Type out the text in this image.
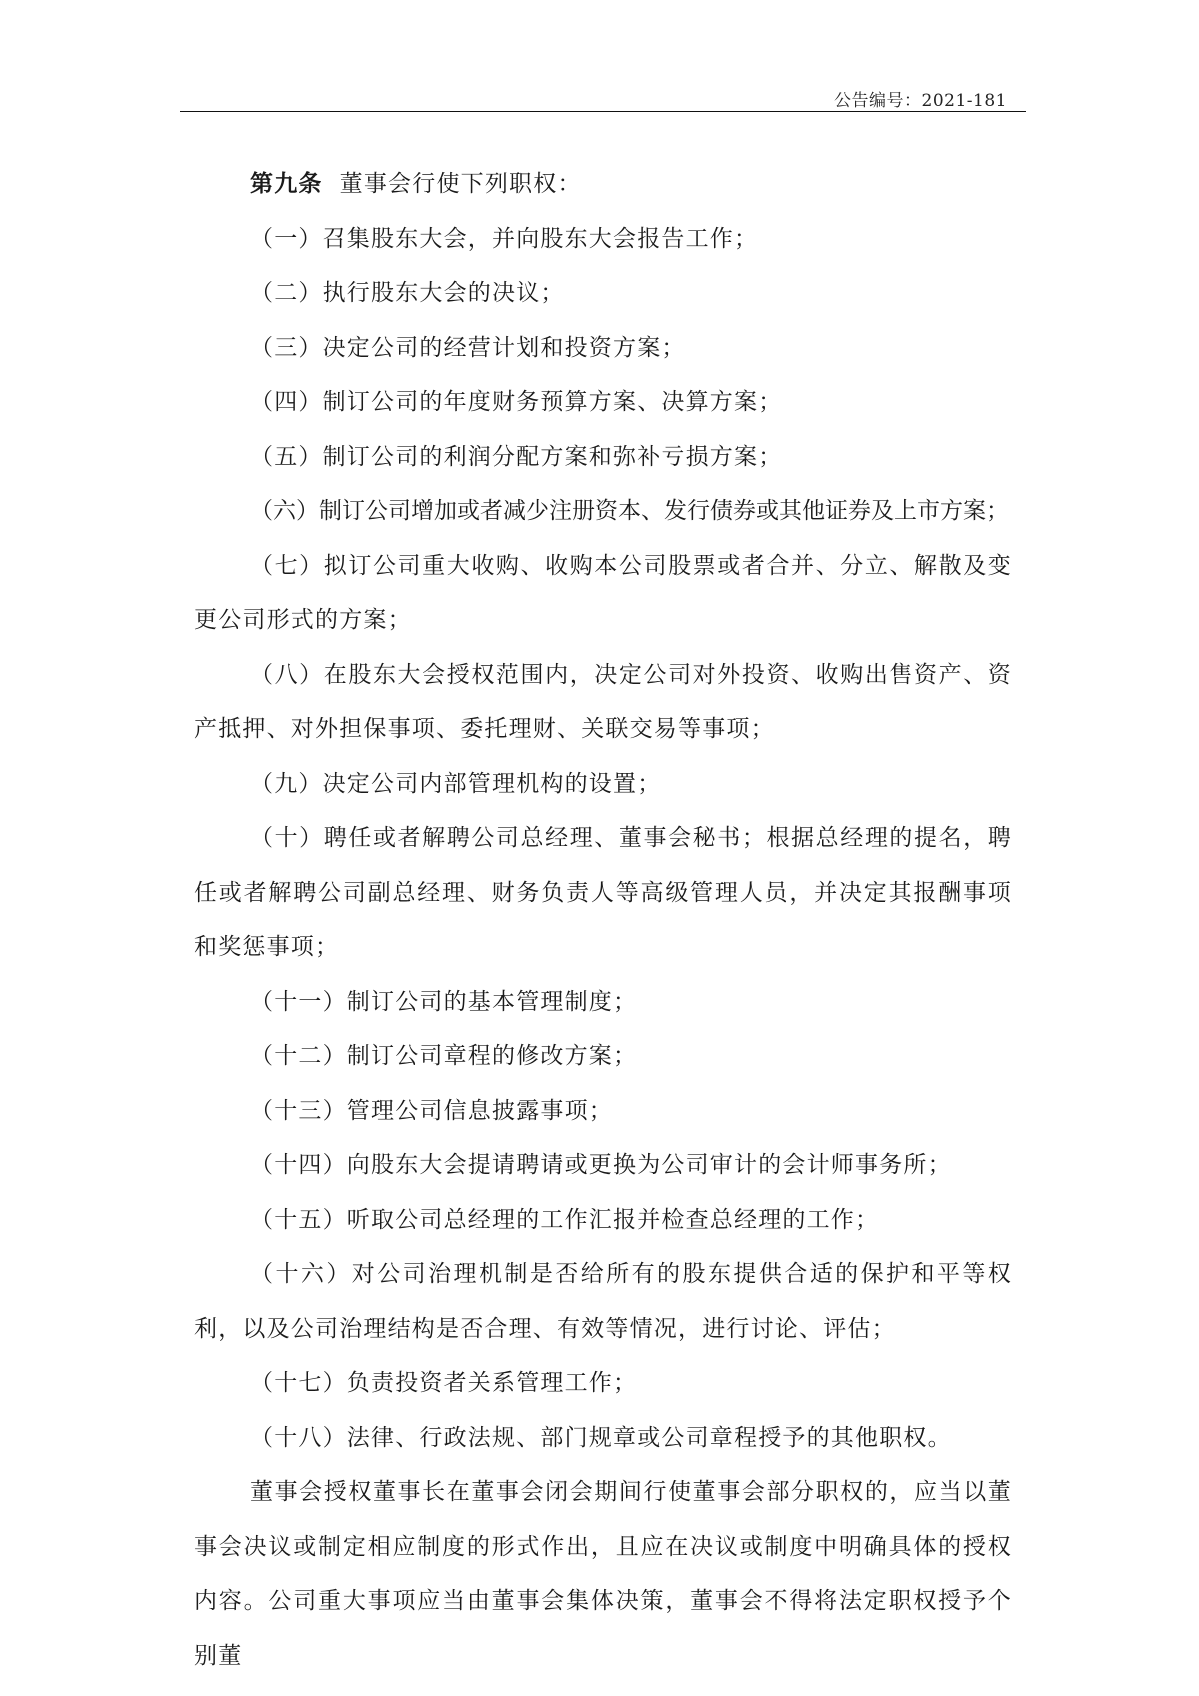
公告编号：2021-181

第九条 董事会行使下列职权：

（一）召集股东大会，并向股东大会报告工作；

（二）执行股东大会的决议；

（三）决定公司的经营计划和投资方案；

（四）制订公司的年度财务预算方案、决算方案；

（五）制订公司的利润分配方案和弥补亏损方案；

（六）制订公司增加或者减少注册资本、发行债券或其他证券及上市方案；

（七）拟订公司重大收购、收购本公司股票或者合并、分立、解散及变更公司形式的方案；

（八）在股东大会授权范围内，决定公司对外投资、收购出售资产、资产抵押、对外担保事项、委托理财、关联交易等事项；

（九）决定公司内部管理机构的设置；

（十）聘任或者解聘公司总经理、董事会秘书；根据总经理的提名，聘任或者解聘公司副总经理、财务负责人等高级管理人员，并决定其报酬事项和奖惩事项；

（十一）制订公司的基本管理制度；

（十二）制订公司章程的修改方案；

（十三）管理公司信息披露事项；

（十四）向股东大会提请聘请或更换为公司审计的会计师事务所；

（十五）听取公司总经理的工作汇报并检查总经理的工作；

（十六）对公司治理机制是否给所有的股东提供合适的保护和平等权利，以及公司治理结构是否合理、有效等情况，进行讨论、评估；

（十七）负责投资者关系管理工作；

（十八）法律、行政法规、部门规章或公司章程授予的其他职权。

董事会授权董事长在董事会闭会期间行使董事会部分职权的，应当以董事会决议或制定相应制度的形式作出，且应在决议或制度中明确具体的授权内容。公司重大事项应当由董事会集体决策，董事会不得将法定职权授予个别董
